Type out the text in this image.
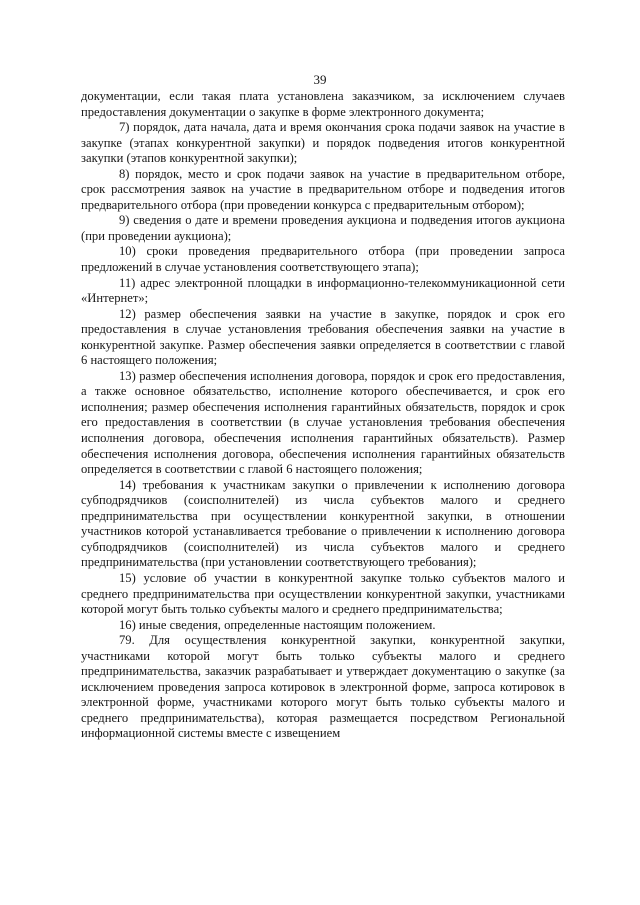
39

документации, если такая плата установлена заказчиком, за исключением случаев предоставления документации о закупке в форме электронного документа;

7) порядок, дата начала, дата и время окончания срока подачи заявок на участие в закупке (этапах конкурентной закупки) и порядок подведения итогов конкурентной закупки (этапов конкурентной закупки);

8) порядок, место и срок подачи заявок на участие в предварительном отборе, срок рассмотрения заявок на участие в предварительном отборе и подведения итогов предварительного отбора (при проведении конкурса с предварительным отбором);

9) сведения о дате и времени проведения аукциона и подведения итогов аукциона (при проведении аукциона);

10) сроки проведения предварительного отбора (при проведении запроса предложений в случае установления соответствующего этапа);

11) адрес электронной площадки в информационно-телекоммуникационной сети «Интернет»;

12) размер обеспечения заявки на участие в закупке, порядок и срок его предоставления в случае установления требования обеспечения заявки на участие в конкурентной закупке. Размер обеспечения заявки определяется в соответствии с главой 6 настоящего положения;

13) размер обеспечения исполнения договора, порядок и срок его предоставления, а также основное обязательство, исполнение которого обеспечивается, и срок его исполнения; размер обеспечения исполнения гарантийных обязательств, порядок и срок его предоставления в соответствии (в случае установления требования обеспечения исполнения договора, обеспечения исполнения гарантийных обязательств). Размер обеспечения исполнения договора, обеспечения исполнения гарантийных обязательств определяется в соответствии с главой 6 настоящего положения;

14) требования к участникам закупки о привлечении к исполнению договора субподрядчиков (соисполнителей) из числа субъектов малого и среднего предпринимательства при осуществлении конкурентной закупки, в отношении участников которой устанавливается требование о привлечении к исполнению договора субподрядчиков (соисполнителей) из числа субъектов малого и среднего предпринимательства (при установлении соответствующего требования);

15) условие об участии в конкурентной закупке только субъектов малого и среднего предпринимательства при осуществлении конкурентной закупки, участниками которой могут быть только субъекты малого и среднего предпринимательства;

16) иные сведения, определенные настоящим положением.

79. Для осуществления конкурентной закупки, конкурентной закупки, участниками которой могут быть только субъекты малого и среднего предпринимательства, заказчик разрабатывает и утверждает документацию о закупке (за исключением проведения запроса котировок в электронной форме, запроса котировок в электронной форме, участниками которого могут быть только субъекты малого и среднего предпринимательства), которая размещается посредством Региональной информационной системы вместе с извещением
